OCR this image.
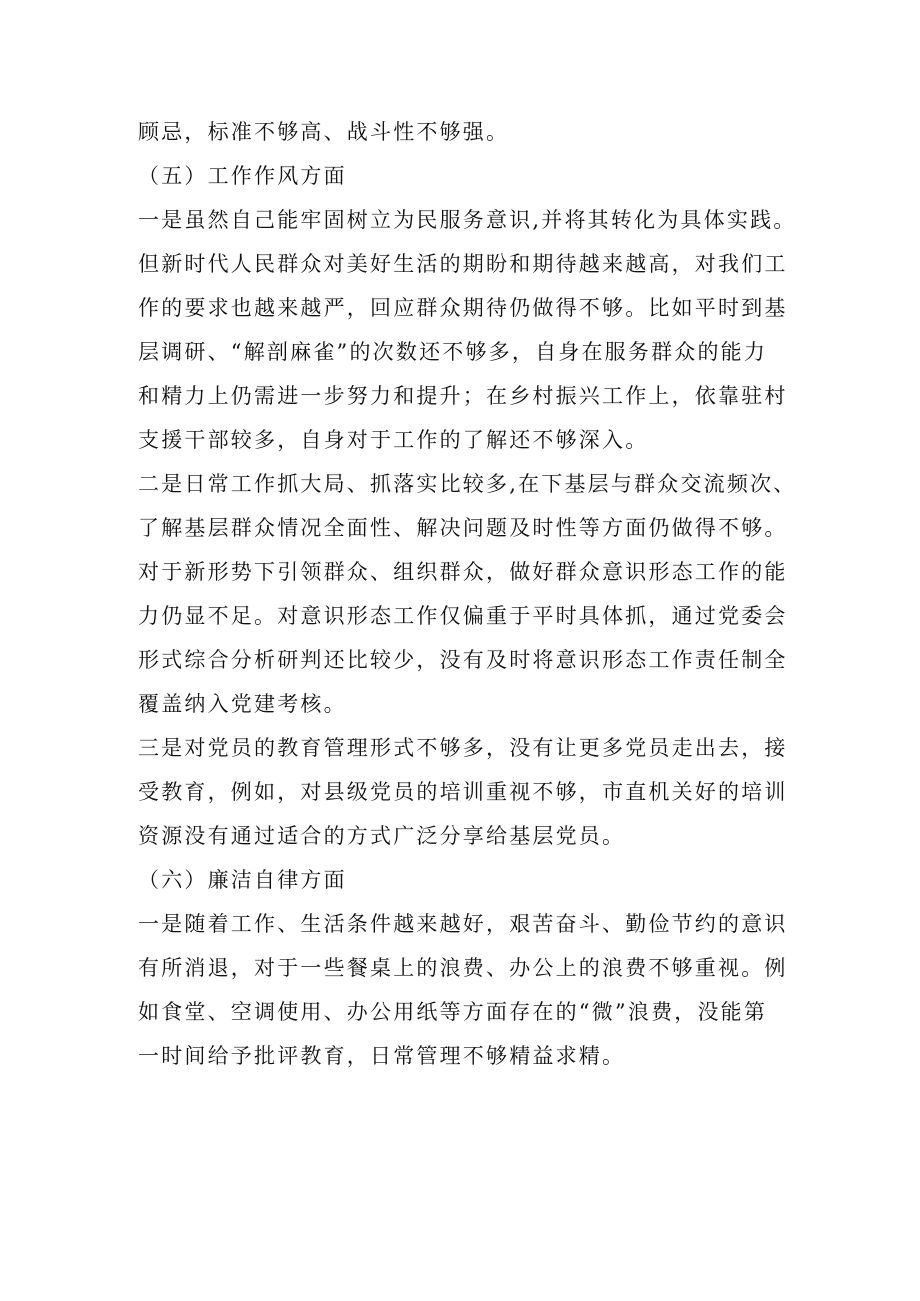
顾忌，标准不够高、战斗性不够强。
（五）工作作风方面
一是虽然自己能牢固树立为民服务意识,并将其转化为具体实践。
但新时代人民群众对美好生活的期盼和期待越来越高，对我们工
作的要求也越来越严，回应群众期待仍做得不够。比如平时到基
层调研、“解剖麻雀”的次数还不够多，自身在服务群众的能力
和精力上仍需进一步努力和提升；在乡村振兴工作上，依靠驻村
支援干部较多，自身对于工作的了解还不够深入。
二是日常工作抓大局、抓落实比较多,在下基层与群众交流频次、
了解基层群众情况全面性、解决问题及时性等方面仍做得不够。
对于新形势下引领群众、组织群众，做好群众意识形态工作的能
力仍显不足。对意识形态工作仅偏重于平时具体抓，通过党委会
形式综合分析研判还比较少，没有及时将意识形态工作责任制全
覆盖纳入党建考核。
三是对党员的教育管理形式不够多，没有让更多党员走出去，接
受教育，例如，对县级党员的培训重视不够，市直机关好的培训
资源没有通过适合的方式广泛分享给基层党员。
（六）廉洁自律方面
一是随着工作、生活条件越来越好，艰苦奋斗、勤俭节约的意识
有所消退，对于一些餐桌上的浪费、办公上的浪费不够重视。例
如食堂、空调使用、办公用纸等方面存在的“微”浪费，没能第
一时间给予批评教育，日常管理不够精益求精。
